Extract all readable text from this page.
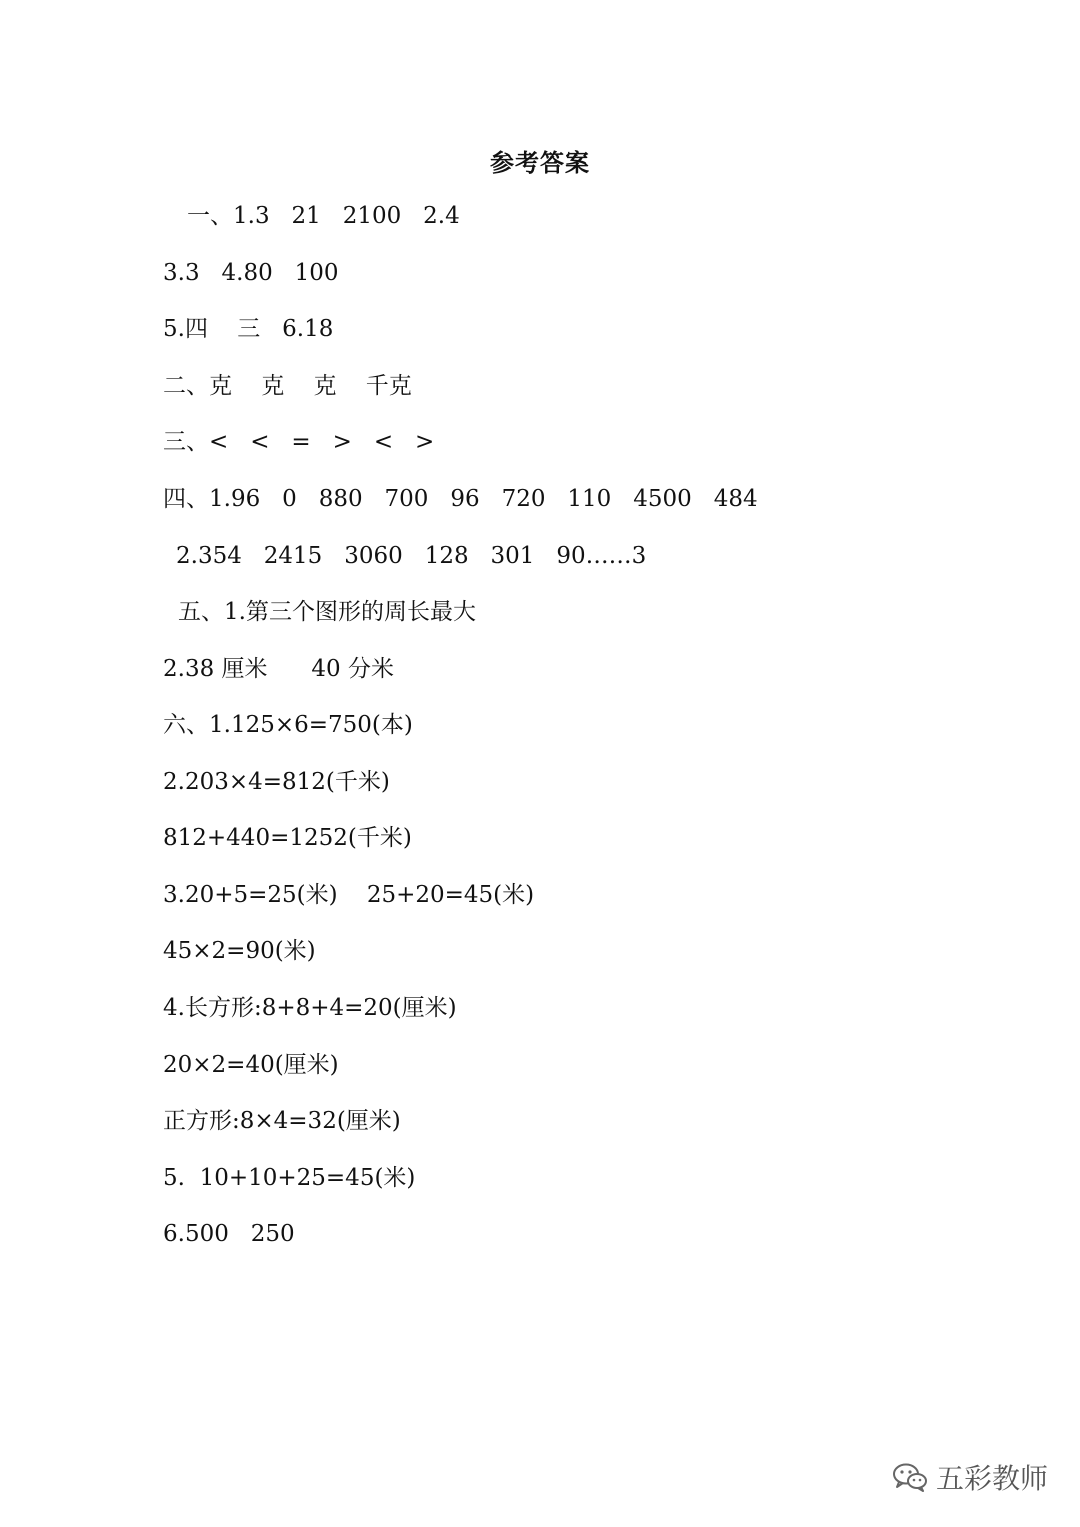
参考答案
一、1.3   21   2100   2.4
3.3   4.80   100
5.四    三   6.18
二、克    克    克    千克
三、<   <   =   >   <   >
四、1.96   0   880   700   96   720   110   4500   484
2.354   2415   3060   128   301   90……3
五、1.第三个图形的周长最大
2.38 厘米      40 分米
六、1.125×6=750(本)
2.203×4=812(千米)
812+440=1252(千米)
3.20+5=25(米)    25+20=45(米)
45×2=90(米)
4.长方形:8+8+4=20(厘米)
20×2=40(厘米)
正方形:8×4=32(厘米)
5.  10+10+25=45(米)
6.500   250
五彩教师
